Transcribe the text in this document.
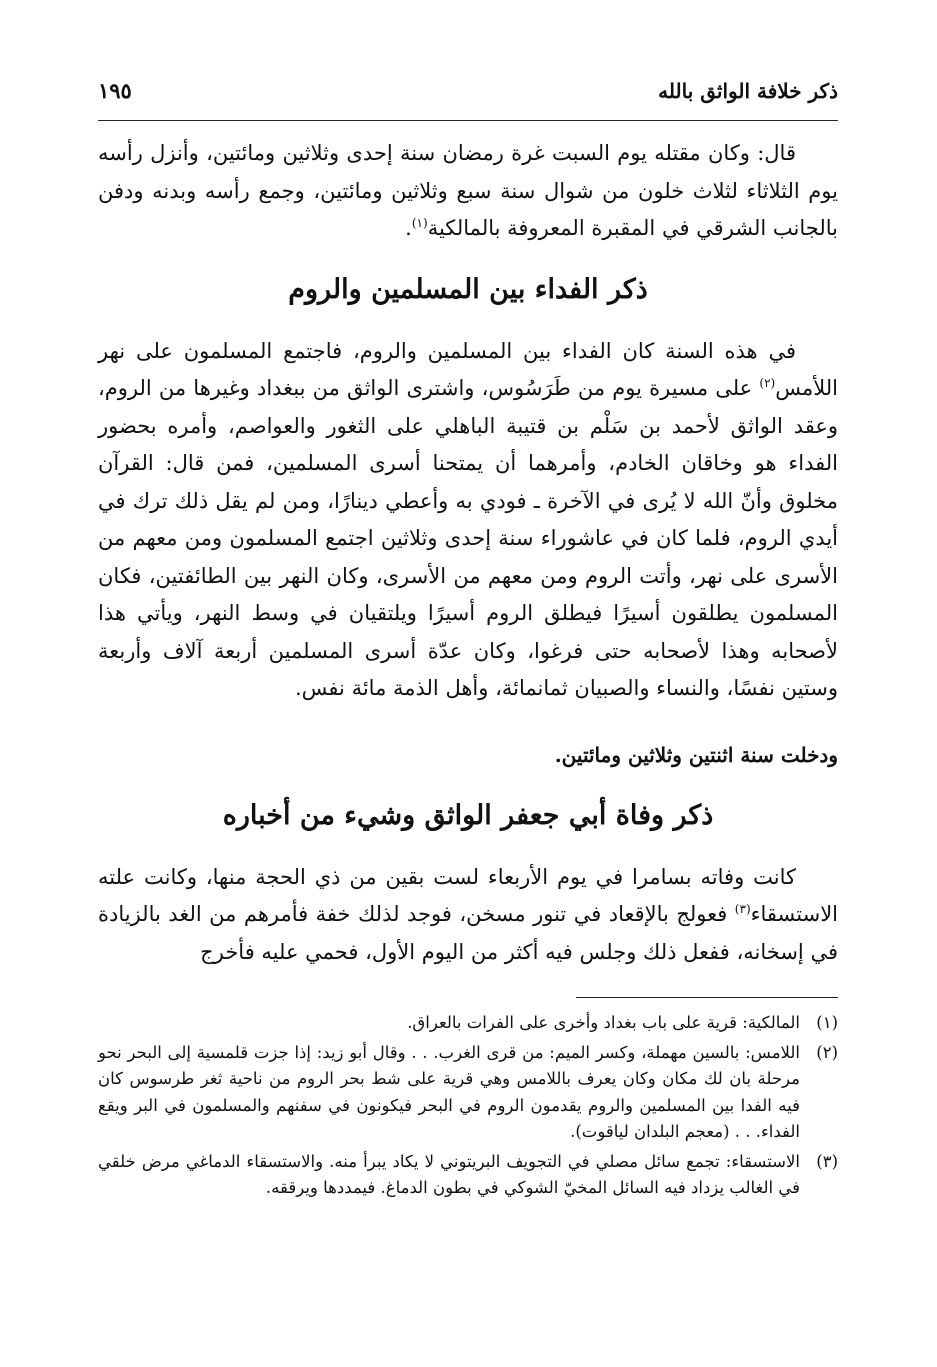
ذكر خلافة الواثق بالله
١٩٥

قال: وكان مقتله يوم السبت غرة رمضان سنة إحدى وثلاثين ومائتين، وأنزل رأسه يوم الثلاثاء لثلاث خلون من شوال سنة سبع وثلاثين ومائتين، وجمع رأسه وبدنه ودفن بالجانب الشرقي في المقبرة المعروفة بالمالكية$^{(١)}$.

ذكر الفداء بين المسلمين والروم

في هذه السنة كان الفداء بين المسلمين والروم، فاجتمع المسلمون على نهر اللأمس$^{(٢)}$ على مسيرة يوم من طَرَسُوس، واشترى الواثق من ببغداد وغيرها من الروم، وعقد الواثق لأحمد بن سَلْم بن قتيبة الباهلي على الثغور والعواصم، وأمره بحضور الفداء هو وخاقان الخادم، وأمرهما أن يمتحنا أسرى المسلمين، فمن قال: القرآن مخلوق وأنّ الله لا يُرى في الآخرة ـ فودي به وأعطي دينارًا، ومن لم يقل ذلك ترك في أيدي الروم، فلما كان في عاشوراء سنة إحدى وثلاثين اجتمع المسلمون ومن معهم من الأسرى على نهر، وأتت الروم ومن معهم من الأسرى، وكان النهر بين الطائفتين، فكان المسلمون يطلقون أسيرًا فيطلق الروم أسيرًا ويلتقيان في وسط النهر، ويأتي هذا لأصحابه وهذا لأصحابه حتى فرغوا، وكان عدّة أسرى المسلمين أربعة آلاف وأربعة وستين نفسًا، والنساء والصبيان ثمانمائة، وأهل الذمة مائة نفس.

ودخلت سنة اثنتين وثلاثين ومائتين.

ذكر وفاة أبي جعفر الواثق وشيء من أخباره

كانت وفاته بسامرا في يوم الأربعاء لست بقين من ذي الحجة منها، وكانت علته الاستسقاء$^{(٣)}$ فعولج بالإقعاد في تنور مسخن، فوجد لذلك خفة فأمرهم من الغد بالزيادة في إسخانه، ففعل ذلك وجلس فيه أكثر من اليوم الأول، فحمي عليه فأخرج

(١)
المالكية: قرية على باب بغداد وأخرى على الفرات بالعراق.
(٢)
اللامس: بالسين مهملة، وكسر الميم: من قرى الغرب. . . وقال أبو زيد: إذا جزت قلمسية إلى البحر نحو مرحلة بان لك مكان وكان يعرف باللامس وهي قرية على شط بحر الروم من ناحية ثغر طرسوس كان فيه الفدا بين المسلمين والروم يقدمون الروم في البحر فيكونون في سفنهم والمسلمون في البر ويقع الفداء. . . (معجم البلدان لياقوت).
(٣)
الاستسقاء: تجمع سائل مصلي في التجويف البريتوني لا يكاد يبرأ منه. والاستسقاء الدماغي مرض خلقي في الغالب يزداد فيه السائل المخيّ الشوكي في بطون الدماغ. فيمددها ويرققه.
